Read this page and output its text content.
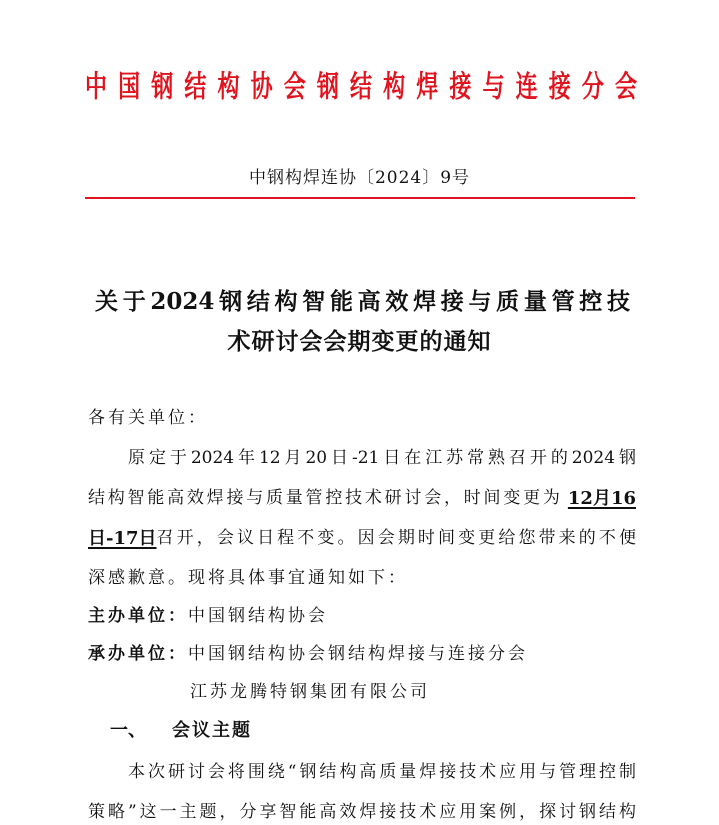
中国钢结构协会钢结构焊接与连接分会
中钢构焊连协〔2024〕9号
关于2024钢结构智能高效焊接与质量管控技
术研讨会会期变更的通知
各有关单位：
原定于2024年12月20日-21日在江苏常熟召开的2024钢
结构智能高效焊接与质量管控技术研讨会，时间变更为 12月16
日-17日 召开，会议日程不变。因会期时间变更给您带来的不便
深感歉意。现将具体事宜通知如下：
主办单位：中国钢结构协会
承办单位：中国钢结构协会钢结构焊接与连接分会
江苏龙腾特钢集团有限公司
一、 会议主题
本次研讨会将围绕“钢结构高质量焊接技术应用与管理控制
策略”这一主题，分享智能高效焊接技术应用案例，探讨钢结构
